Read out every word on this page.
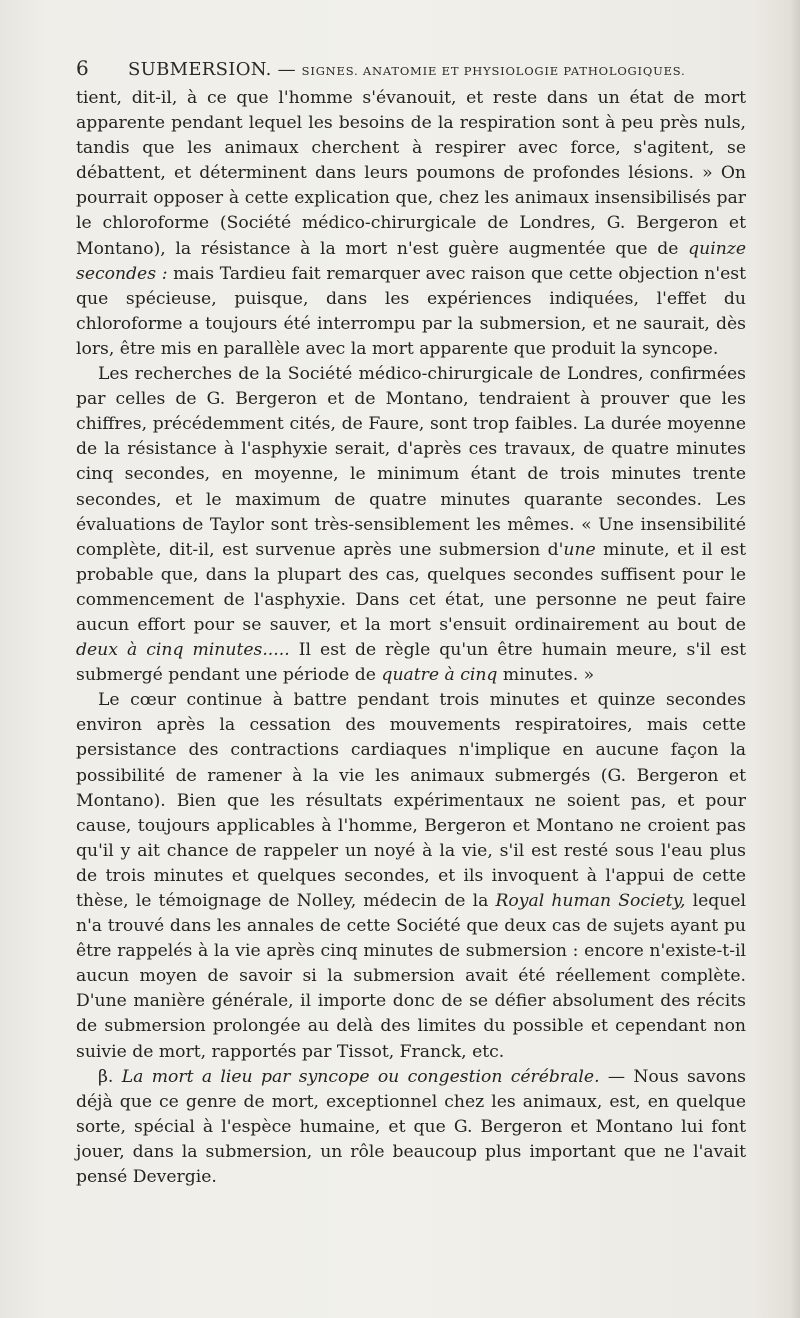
6 SUBMERSION. — SIGNES. ANATOMIE ET PHYSIOLOGIE PATHOLOGIQUES.

tient, dit-il, à ce que l'homme s'évanouit, et reste dans un état de mort apparente pendant lequel les besoins de la respiration sont à peu près nuls, tandis que les animaux cherchent à respirer avec force, s'agitent, se débattent, et déterminent dans leurs poumons de profondes lésions. » On pourrait opposer à cette explication que, chez les animaux insensibilisés par le chloroforme (Société médico-chirurgicale de Londres, G. Bergeron et Montano), la résistance à la mort n'est guère augmentée que de quinze secondes : mais Tardieu fait remarquer avec raison que cette objection n'est que spécieuse, puisque, dans les expériences indiquées, l'effet du chloroforme a toujours été interrompu par la submersion, et ne saurait, dès lors, être mis en parallèle avec la mort apparente que produit la syncope.

Les recherches de la Société médico-chirurgicale de Londres, confirmées par celles de G. Bergeron et de Montano, tendraient à prouver que les chiffres, précédemment cités, de Faure, sont trop faibles. La durée moyenne de la résistance à l'asphyxie serait, d'après ces travaux, de quatre minutes cinq secondes, en moyenne, le minimum étant de trois minutes trente secondes, et le maximum de quatre minutes quarante secondes. Les évaluations de Taylor sont très-sensiblement les mêmes. « Une insensibilité complète, dit-il, est survenue après une submersion d'une minute, et il est probable que, dans la plupart des cas, quelques secondes suffisent pour le commencement de l'asphyxie. Dans cet état, une personne ne peut faire aucun effort pour se sauver, et la mort s'ensuit ordinairement au bout de deux à cinq minutes..... Il est de règle qu'un être humain meure, s'il est submergé pendant une période de quatre à cinq minutes. »

Le cœur continue à battre pendant trois minutes et quinze secondes environ après la cessation des mouvements respiratoires, mais cette persistance des contractions cardiaques n'implique en aucune façon la possibilité de ramener à la vie les animaux submergés (G. Bergeron et Montano). Bien que les résultats expérimentaux ne soient pas, et pour cause, toujours applicables à l'homme, Bergeron et Montano ne croient pas qu'il y ait chance de rappeler un noyé à la vie, s'il est resté sous l'eau plus de trois minutes et quelques secondes, et ils invoquent à l'appui de cette thèse, le témoignage de Nolley, médecin de la Royal human Society, lequel n'a trouvé dans les annales de cette Société que deux cas de sujets ayant pu être rappelés à la vie après cinq minutes de submersion : encore n'existe-t-il aucun moyen de savoir si la submersion avait été réellement complète. D'une manière générale, il importe donc de se défier absolument des récits de submersion prolongée au delà des limites du possible et cependant non suivie de mort, rapportés par Tissot, Franck, etc.

β. La mort a lieu par syncope ou congestion cérébrale. — Nous savons déjà que ce genre de mort, exceptionnel chez les animaux, est, en quelque sorte, spécial à l'espèce humaine, et que G. Bergeron et Montano lui font jouer, dans la submersion, un rôle beaucoup plus important que ne l'avait pensé Devergie.
